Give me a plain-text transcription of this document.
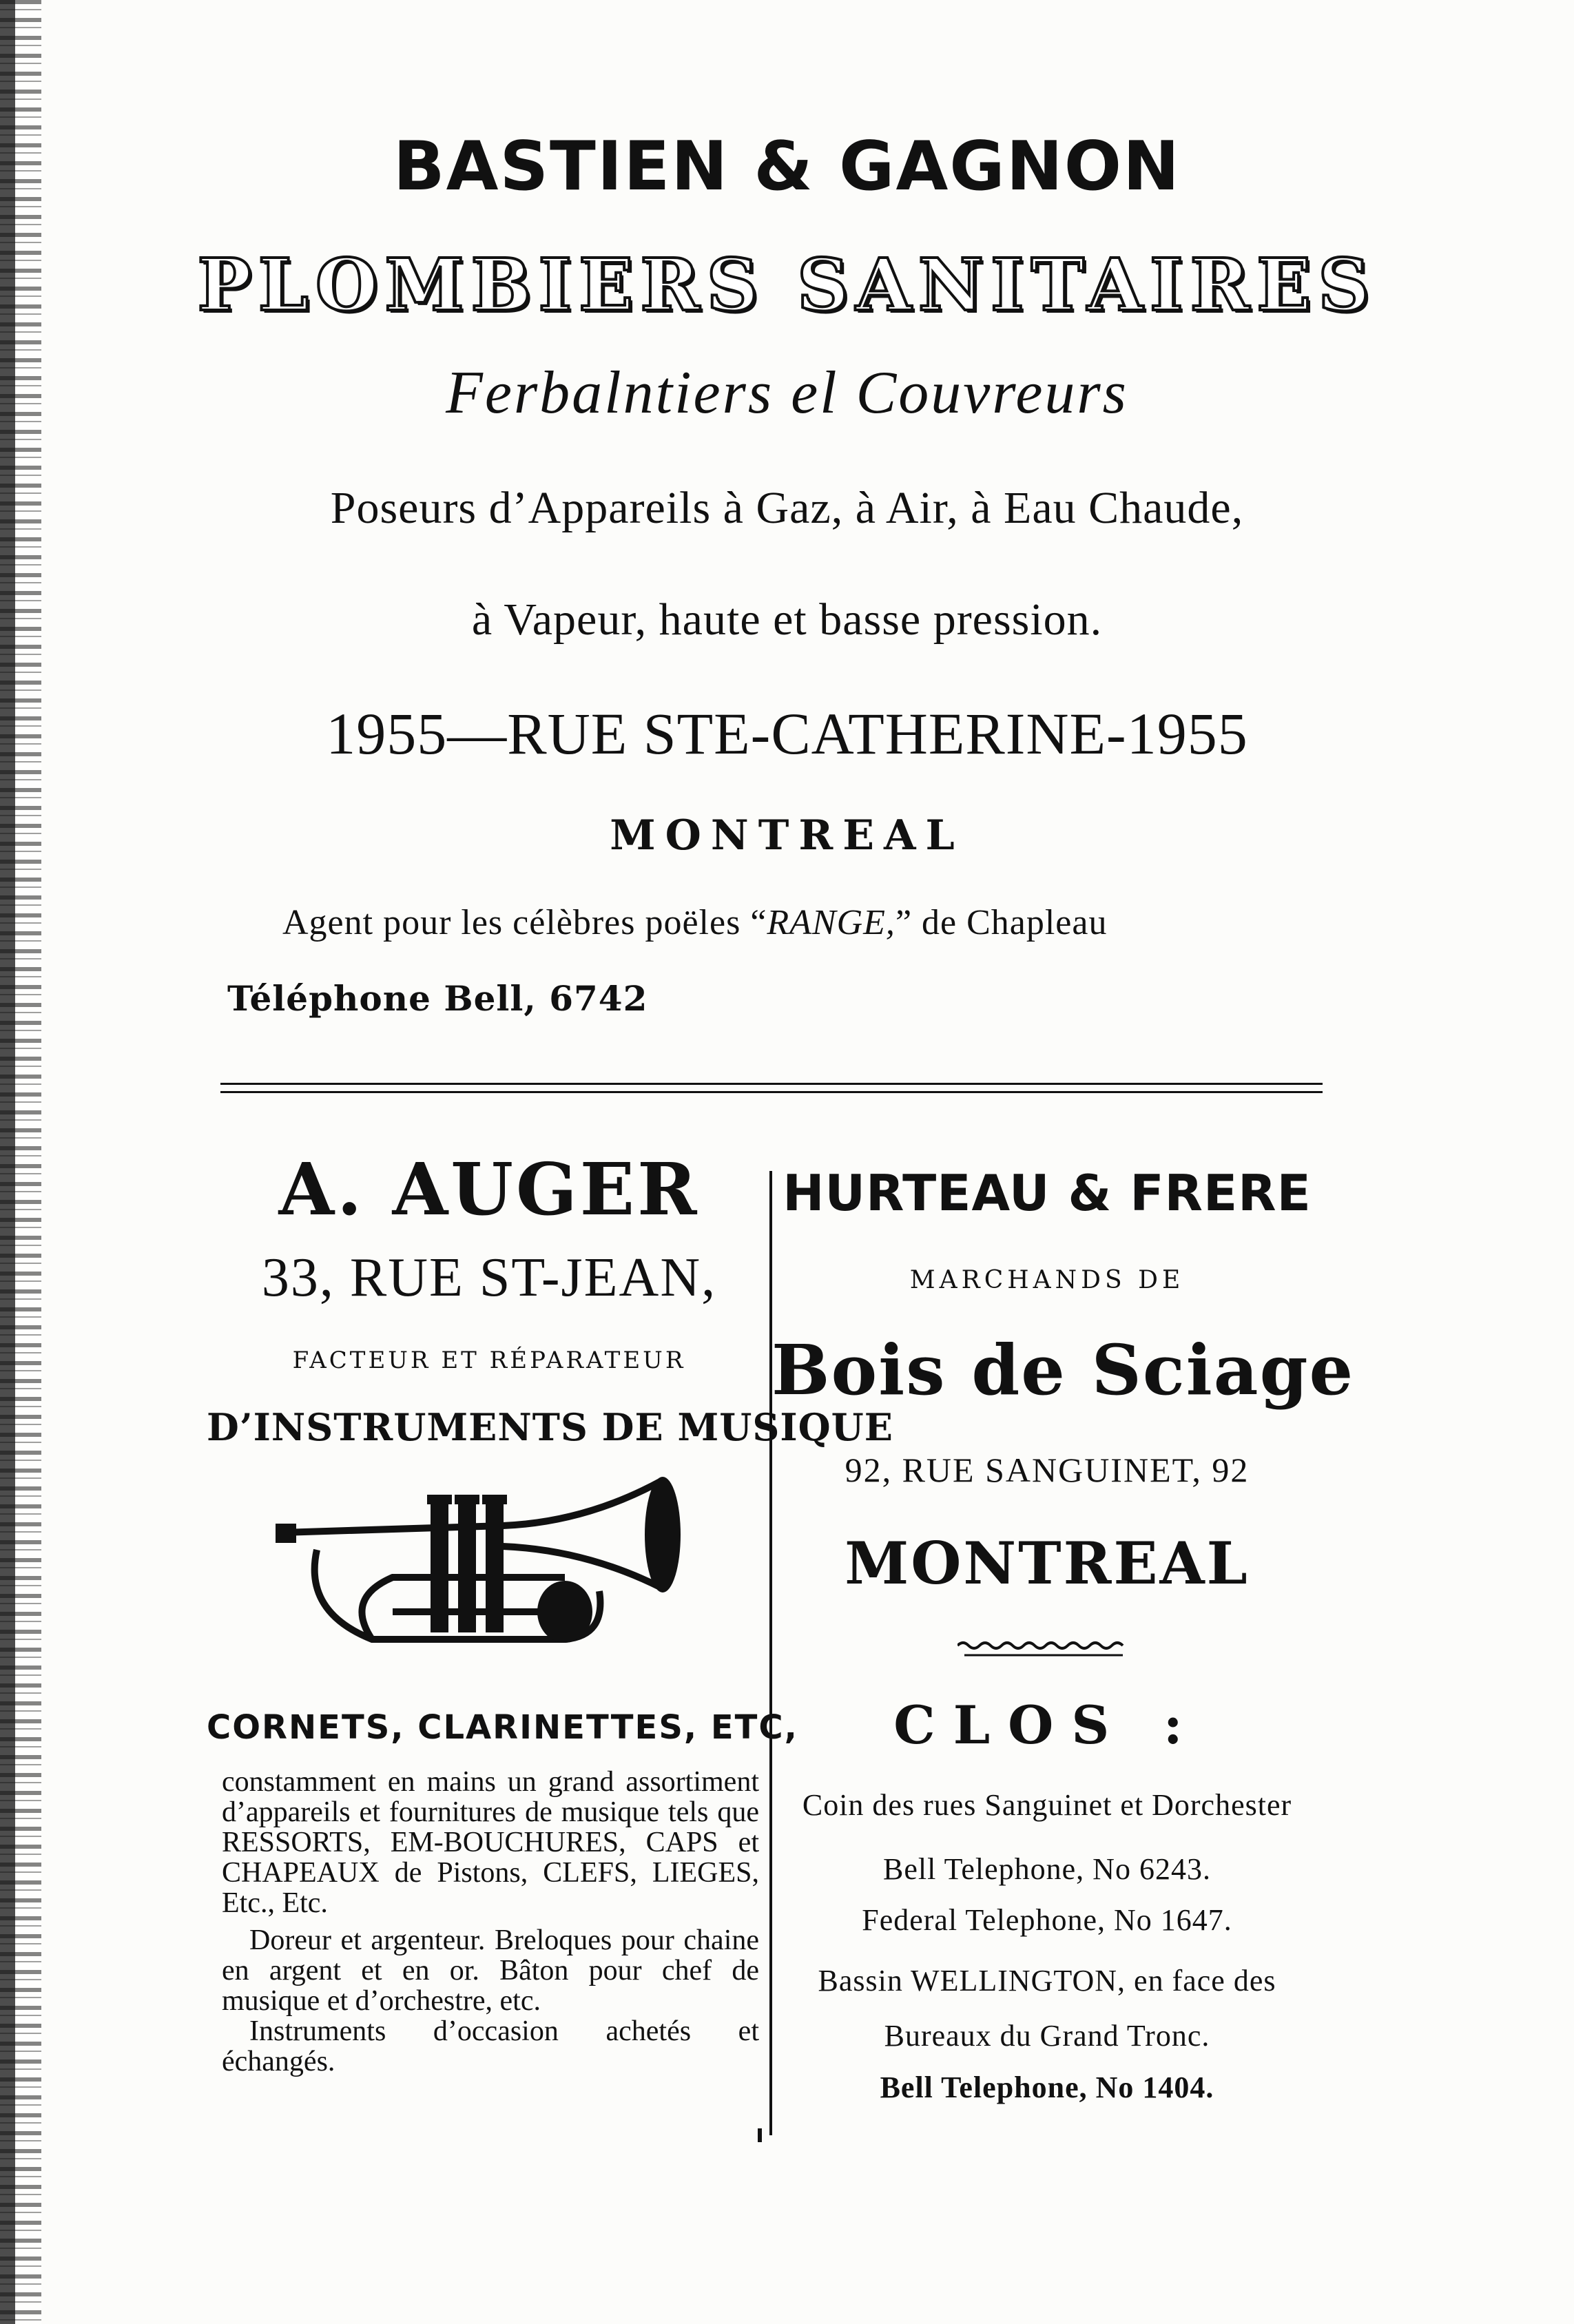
BASTIEN & GAGNON
PLOMBIERS SANITAIRES
Ferbalntiers el Couvreurs
Poseurs d’Appareils à Gaz, à Air, à Eau Chaude,
à Vapeur, haute et basse pression.
1955—RUE STE-CATHERINE-1955
MONTREAL
Agent pour les célèbres poëles “RANGE,” de Chapleau
Téléphone Bell, 6742
A. AUGER
33, RUE ST-JEAN,
FACTEUR ET RÉPARATEUR
D’INSTRUMENTS DE MUSIQUE
CORNETS, CLARINETTES, ETC,

constamment en mains un grand assortiment d’appareils et fournitures de musique tels que RESSORTS, EM-BOUCHURES, CAPS et CHAPEAUX de Pistons, CLEFS, LIEGES, Etc., Etc.

Doreur et argenteur. Breloques pour chaine en argent et en or. Bâton pour chef de musique et d’orchestre, etc.

Instruments d’occasion achetés et échangés.

HURTEAU & FRERE
MARCHANDS DE
Bois de Sciage
92, RUE SANGUINET, 92
MONTREAL
CLOS :
Coin des rues Sanguinet et Dorchester
Bell Telephone, No 6243.
Federal Telephone, No 1647.
Bassin WELLINGTON, en face des
Bureaux du Grand Tronc.
Bell Telephone, No 1404.
